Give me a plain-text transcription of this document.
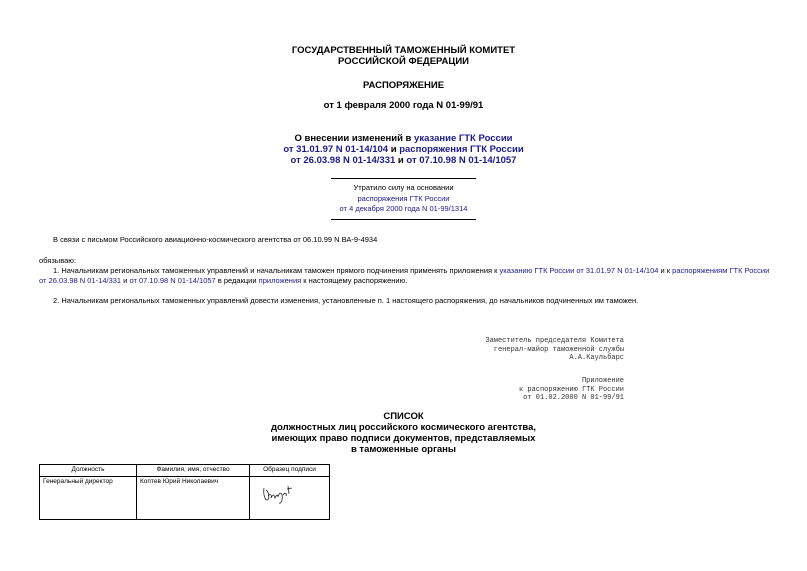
ГОСУДАРСТВЕННЫЙ ТАМОЖЕННЫЙ КОМИТЕТ
РОССИЙСКОЙ ФЕДЕРАЦИИ
РАСПОРЯЖЕНИЕ
от 1 февраля 2000 года N 01-99/91
О внесении изменений в указание ГТК России
от 31.01.97 N 01-14/104 и распоряжения ГТК России
от 26.03.98 N 01-14/331 и от 07.10.98 N 01-14/1057
Утратило силу на основании
распоряжения ГТК России
от 4 декабря 2000 года N 01-99/1314
В связи с письмом Российского авиационно-космического агентства от 06.10.99 N ВА-9-4934
обязываю:
1. Начальникам региональных таможенных управлений и начальникам таможен прямого подчинения применять приложения к указанию ГТК России от 31.01.97 N 01-14/104 и к распоряжениям ГТК России от 26.03.98 N 01-14/331 и от 07.10.98 N 01-14/1057 в редакции приложения к настоящему распоряжению.
2. Начальникам региональных таможенных управлений довести изменения, установленные п. 1 настоящего распоряжения, до начальников подчиненных им таможен.
Заместитель председателя Комитета
генерал-майор таможенной службы
А.А.Каульбарс
Приложение
к распоряжению ГТК России
от 01.02.2000 N 01-99/91
СПИСОК
должностных лиц российского космического агентства,
имеющих право подписи документов, представляемых
в таможенные органы
Должность	Фамилия, имя, отчество	Образец подписи	
Генеральный директор	Коптев Юрий Николаевич	
